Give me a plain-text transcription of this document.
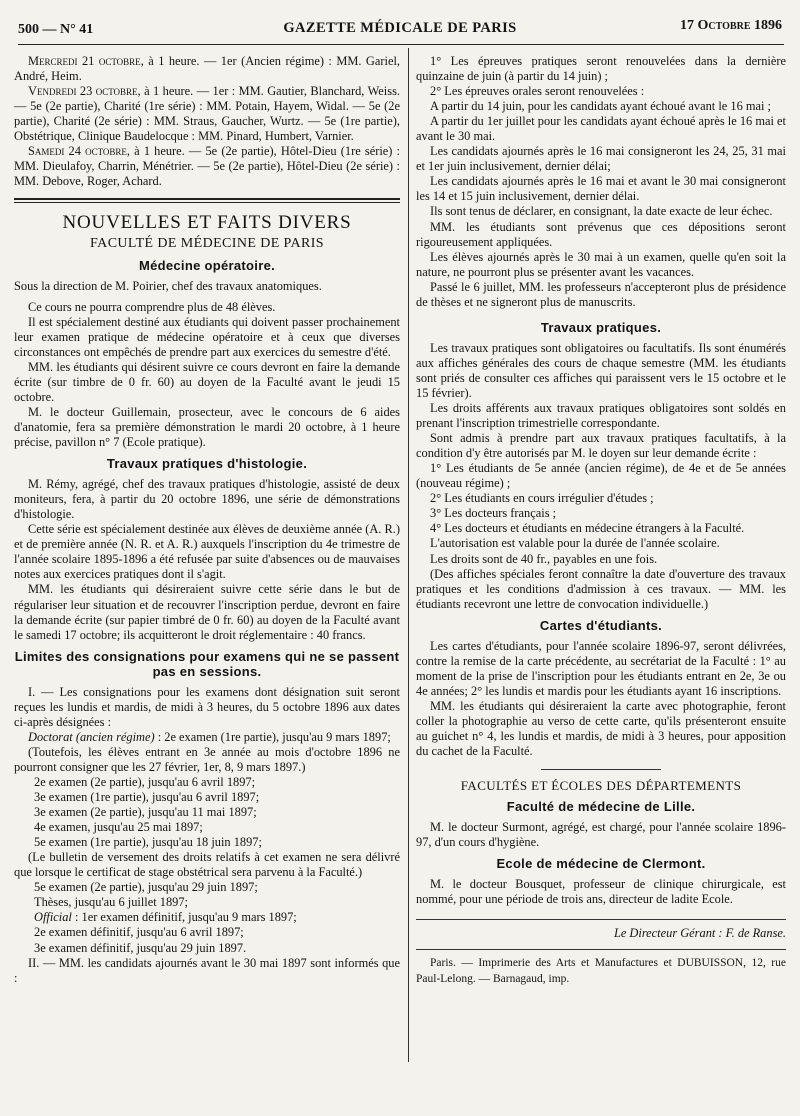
500 — N° 41	GAZETTE MÉDICALE DE PARIS	17 Octobre 1896

Mercredi 21 octobre, à 1 heure. — 1er (Ancien régime) : MM. Gariel, André, Heim.

Vendredi 23 octobre, à 1 heure. — 1er : MM. Gautier, Blanchard, Weiss. — 5e (2e partie), Charité (1re série) : MM. Potain, Hayem, Widal. — 5e (2e partie), Charité (2e série) : MM. Straus, Gaucher, Wurtz. — 5e (1re partie), Obstétrique, Clinique Baudelocque : MM. Pinard, Humbert, Varnier.

Samedi 24 octobre, à 1 heure. — 5e (2e partie), Hôtel-Dieu (1re série) : MM. Dieulafoy, Charrin, Ménétrier. — 5e (2e partie), Hôtel-Dieu (2e série) : MM. Debove, Roger, Achard.

NOUVELLES ET FAITS DIVERS
FACULTÉ DE MÉDECINE DE PARIS
Médecine opératoire.

Sous la direction de M. Poirier, chef des travaux anatomiques.

Ce cours ne pourra comprendre plus de 48 élèves.

Il est spécialement destiné aux étudiants qui doivent passer prochainement leur examen pratique de médecine opératoire et à ceux que diverses circonstances ont empêchés de prendre part aux exercices du semestre d'été.

MM. les étudiants qui désirent suivre ce cours devront en faire la demande écrite (sur timbre de 0 fr. 60) au doyen de la Faculté avant le jeudi 15 octobre.

M. le docteur Guillemain, prosecteur, avec le concours de 6 aides d'anatomie, fera sa première démonstration le mardi 20 octobre, à 1 heure précise, pavillon n° 7 (Ecole pratique).

Travaux pratiques d'histologie.

M. Rémy, agrégé, chef des travaux pratiques d'histologie, assisté de deux moniteurs, fera, à partir du 20 octobre 1896, une série de démonstrations d'histologie.

Cette série est spécialement destinée aux élèves de deuxième année (A. R.) et de première année (N. R. et A. R.) auxquels l'inscription du 4e trimestre de l'année scolaire 1895-1896 a été refusée par suite d'absences ou de mauvaises notes aux exercices pratiques dont il s'agit.

MM. les étudiants qui désireraient suivre cette série dans le but de régulariser leur situation et de recouvrer l'inscription perdue, devront en faire la demande écrite (sur papier timbré de 0 fr. 60) au doyen de la Faculté avant le samedi 17 octobre; ils acquitteront le droit réglementaire : 40 francs.

Limites des consignations pour examens qui ne se passent pas en sessions.

I. — Les consignations pour les examens dont désignation suit seront reçues les lundis et mardis, de midi à 3 heures, du 5 octobre 1896 aux dates ci-après désignées :

Doctorat (ancien régime) : 2e examen (1re partie), jusqu'au 9 mars 1897;

(Toutefois, les élèves entrant en 3e année au mois d'octobre 1896 ne pourront consigner que les 27 février, 1er, 8, 9 mars 1897.)

2e examen (2e partie), jusqu'au 6 avril 1897;

3e examen (1re partie), jusqu'au 6 avril 1897;

3e examen (2e partie), jusqu'au 11 mai 1897;

4e examen, jusqu'au 25 mai 1897;

5e examen (1re partie), jusqu'au 18 juin 1897;

(Le bulletin de versement des droits relatifs à cet examen ne sera délivré que lorsque le certificat de stage obstétrical sera parvenu à la Faculté.)

5e examen (2e partie), jusqu'au 29 juin 1897;

Thèses, jusqu'au 6 juillet 1897;

Official : 1er examen définitif, jusqu'au 9 mars 1897;

2e examen définitif, jusqu'au 6 avril 1897;

3e examen définitif, jusqu'au 29 juin 1897.

II. — MM. les candidats ajournés avant le 30 mai 1897 sont informés que :

1° Les épreuves pratiques seront renouvelées dans la dernière quinzaine de juin (à partir du 14 juin) ;

2° Les épreuves orales seront renouvelées :

A partir du 14 juin, pour les candidats ayant échoué avant le 16 mai ;

A partir du 1er juillet pour les candidats ayant échoué après le 16 mai et avant le 30 mai.

Les candidats ajournés après le 16 mai consigneront les 24, 25, 31 mai et 1er juin inclusivement, dernier délai;

Les candidats ajournés après le 16 mai et avant le 30 mai consigneront les 14 et 15 juin inclusivement, dernier délai.

Ils sont tenus de déclarer, en consignant, la date exacte de leur échec.

MM. les étudiants sont prévenus que ces dépositions seront rigoureusement appliquées.

Les élèves ajournés après le 30 mai à un examen, quelle qu'en soit la nature, ne pourront plus se présenter avant les vacances.

Passé le 6 juillet, MM. les professeurs n'accepteront plus de présidence de thèses et ne signeront plus de manuscrits.

Travaux pratiques.

Les travaux pratiques sont obligatoires ou facultatifs. Ils sont énumérés aux affiches générales des cours de chaque semestre (MM. les étudiants sont priés de consulter ces affiches qui paraissent vers le 15 octobre et le 15 février).

Les droits afférents aux travaux pratiques obligatoires sont soldés en prenant l'inscription trimestrielle correspondante.

Sont admis à prendre part aux travaux pratiques facultatifs, à la condition d'y être autorisés par M. le doyen sur leur demande écrite :

1° Les étudiants de 5e année (ancien régime), de 4e et de 5e années (nouveau régime) ;

2° Les étudiants en cours irrégulier d'études ;

3° Les docteurs français ;

4° Les docteurs et étudiants en médecine étrangers à la Faculté.

L'autorisation est valable pour la durée de l'année scolaire.

Les droits sont de 40 fr., payables en une fois.

(Des affiches spéciales feront connaître la date d'ouverture des travaux pratiques et les conditions d'admission à ces travaux. — MM. les étudiants recevront une lettre de convocation individuelle.)

Cartes d'étudiants.

Les cartes d'étudiants, pour l'année scolaire 1896-97, seront délivrées, contre la remise de la carte précédente, au secrétariat de la Faculté : 1° au moment de la prise de l'inscription pour les étudiants entrant en 2e, 3e ou 4e années; 2° les lundis et mardis pour les étudiants ayant 16 inscriptions.

MM. les étudiants qui désireraient la carte avec photographie, feront coller la photographie au verso de cette carte, qu'ils présenteront ensuite au guichet n° 4, les lundis et mardis, de midi à 3 heures, pour apposition du cachet de la Faculté.

FACULTÉS ET ÉCOLES DES DÉPARTEMENTS
Faculté de médecine de Lille.

M. le docteur Surmont, agrégé, est chargé, pour l'année scolaire 1896-97, d'un cours d'hygiène.

Ecole de médecine de Clermont.

M. le docteur Bousquet, professeur de clinique chirurgicale, est nommé, pour une période de trois ans, directeur de ladite Ecole.

Le Directeur Gérant : F. de Ranse.

Paris. — Imprimerie des Arts et Manufactures et DUBUISSON, 12, rue Paul-Lelong. — Barnagaud, imp.
